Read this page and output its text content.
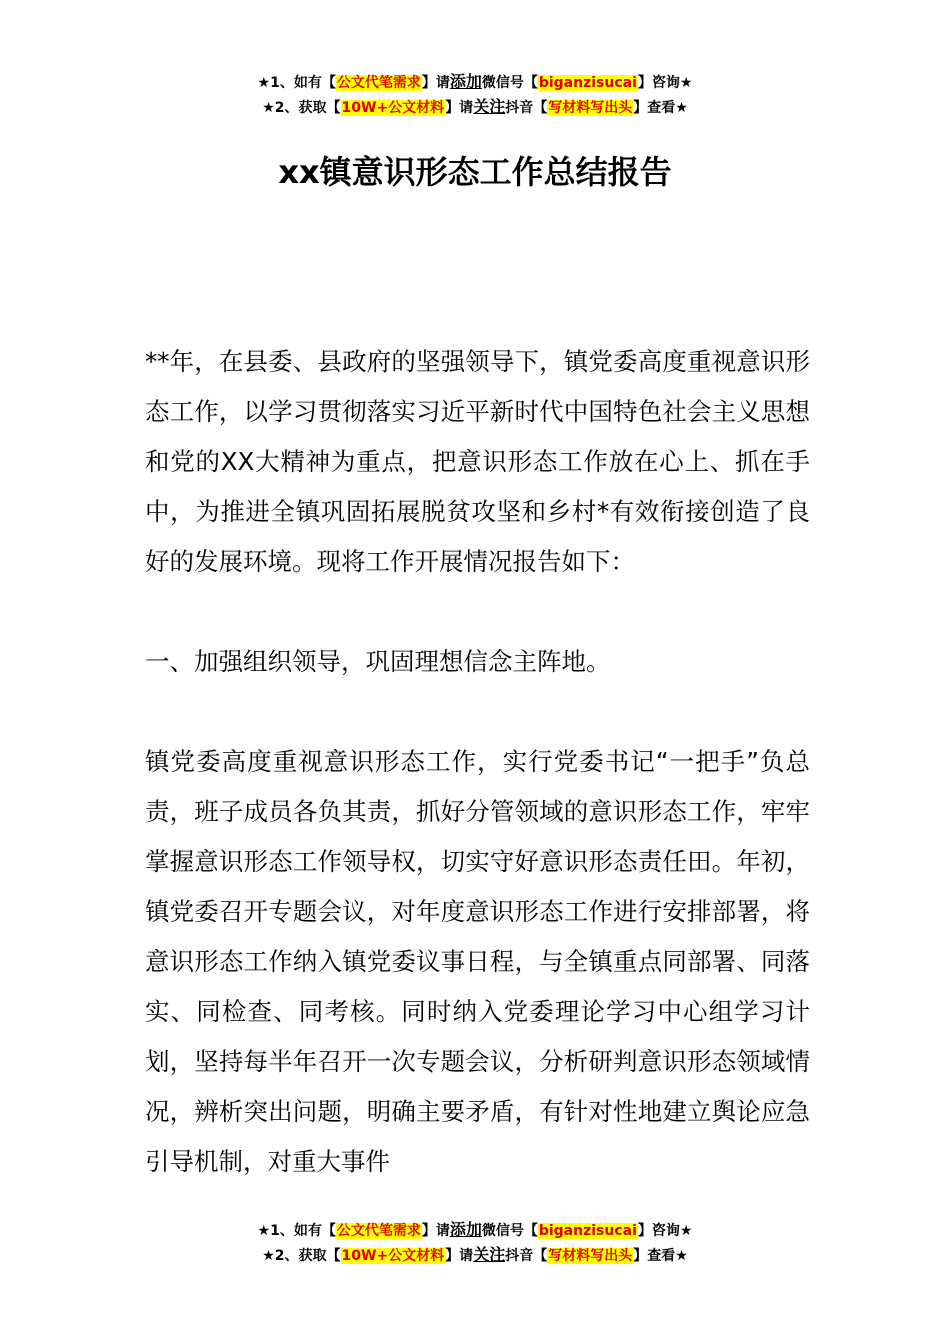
★1、如有【公文代笔需求】请添加微信号【biganzisucai】咨询★
★2、获取【10W+公文材料】请关注抖音【写材料写出头】查看★
xx镇意识形态工作总结报告
**年，在县委、县政府的坚强领导下，镇党委高度重视意识形态工作，以学习贯彻落实习近平新时代中国特色社会主义思想和党的XX大精神为重点，把意识形态工作放在心上、抓在手中，为推进全镇巩固拓展脱贫攻坚和乡村*有效衔接创造了良好的发展环境。现将工作开展情况报告如下：
一、加强组织领导，巩固理想信念主阵地。
镇党委高度重视意识形态工作，实行党委书记“一把手”负总责，班子成员各负其责，抓好分管领域的意识形态工作，牢牢掌握意识形态工作领导权，切实守好意识形态责任田。年初，镇党委召开专题会议，对年度意识形态工作进行安排部署，将意识形态工作纳入镇党委议事日程，与全镇重点同部署、同落实、同检查、同考核。同时纳入党委理论学习中心组学习计划，坚持每半年召开一次专题会议，分析研判意识形态领域情况，辨析突出问题，明确主要矛盾，有针对性地建立舆论应急引导机制，对重大事件
★1、如有【公文代笔需求】请添加微信号【biganzisucai】咨询★
★2、获取【10W+公文材料】请关注抖音【写材料写出头】查看★
